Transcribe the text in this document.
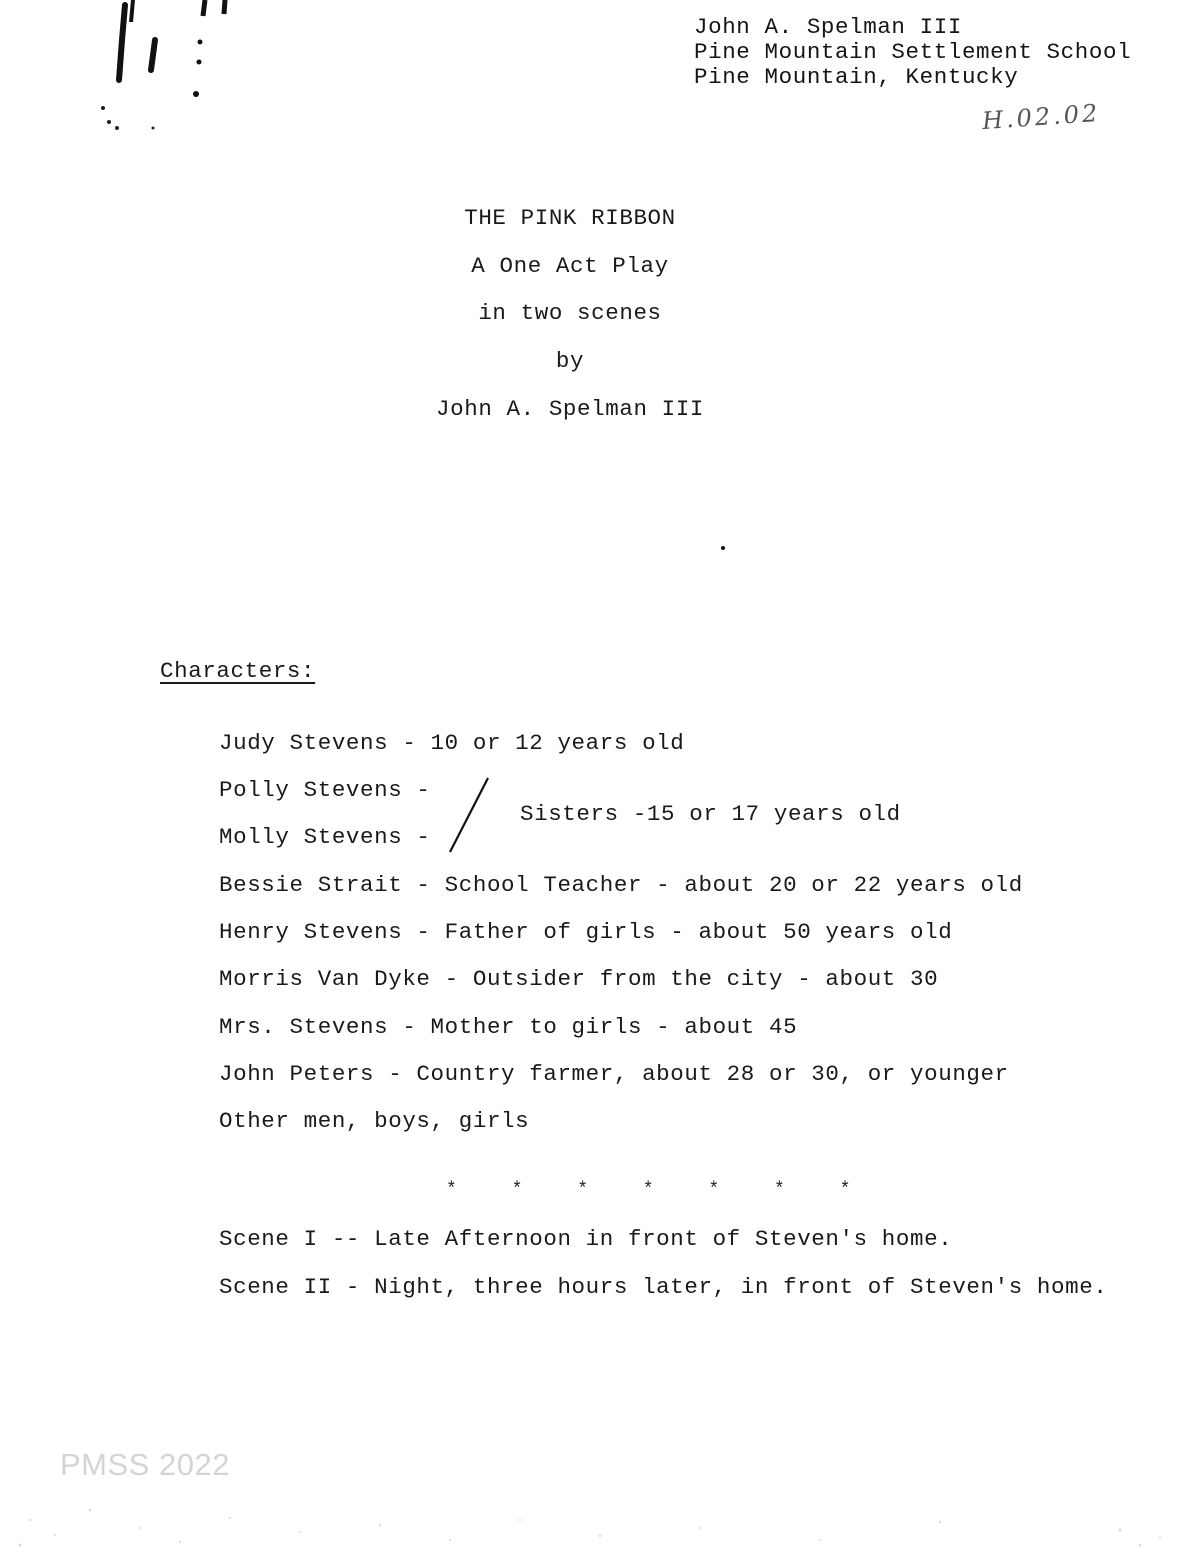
John A. Spelman III
Pine Mountain Settlement School
Pine Mountain, Kentucky
H.02.02
THE PINK RIBBON
A One Act Play
in two scenes
by
John A. Spelman III
Characters:
Judy Stevens - 10 or 12 years old
Polly Stevens -
Molly Stevens -
Sisters -15 or 17 years old
Bessie Strait - School Teacher - about 20 or 22 years old
Henry Stevens - Father of girls - about 50 years old
Morris Van Dyke - Outsider from the city - about 30
Mrs. Stevens - Mother to girls - about 45
John Peters - Country farmer, about 28 or 30, or younger
Other men, boys, girls
* * * * * * *
Scene I -- Late Afternoon in front of Steven's home.
Scene II - Night, three hours later, in front of Steven's home.
PMSS 2022
